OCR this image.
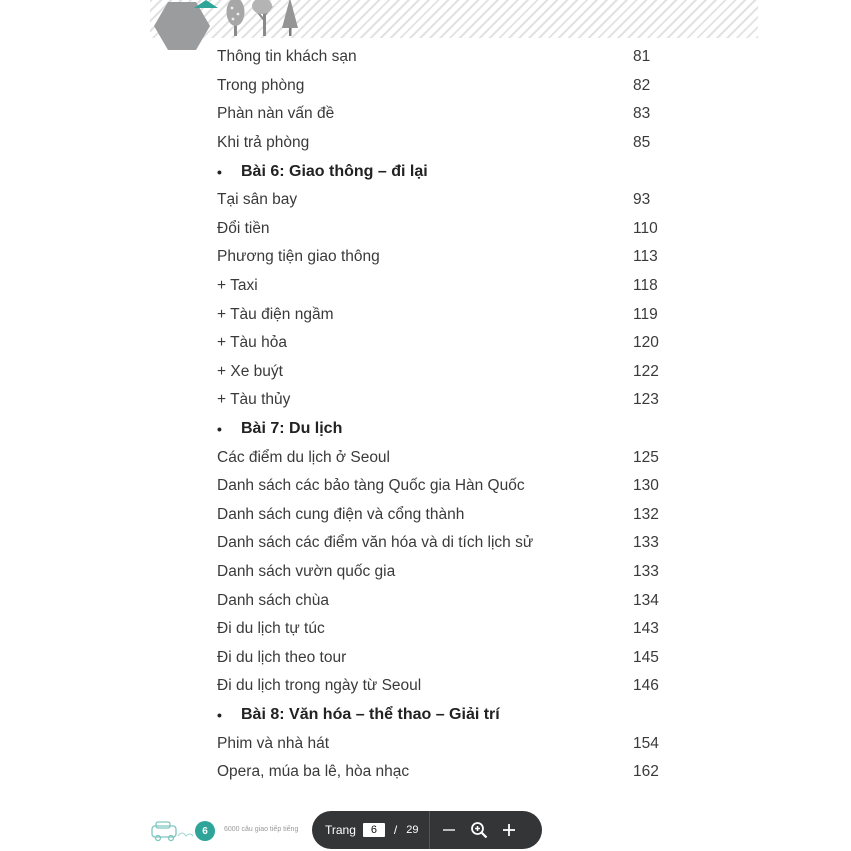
Thông tin khách sạn	81
Trong phòng	82
Phàn nàn vấn đề	83
Khi trả phòng	85
•	Bài 6: Giao thông – đi lại
Tại sân bay	93
Đổi tiền	110
Phương tiện giao thông	113
+ Taxi	118
+ Tàu điện ngầm	119
+ Tàu hỏa	120
+ Xe buýt	122
+ Tàu thủy	123
•	Bài 7: Du lịch
Các điểm du lịch ở Seoul	125
Danh sách các bảo tàng Quốc gia Hàn Quốc	130
Danh sách cung điện và cổng thành	132
Danh sách các điểm văn hóa và di tích lịch sử	133
Danh sách vườn quốc gia	133
Danh sách chùa	134
Đi du lịch tự túc	143
Đi du lịch theo tour	145
Đi du lịch trong ngày từ Seoul	146
•	Bài 8: Văn hóa – thể thao – Giải trí
Phim và nhà hát	154
Opera, múa ba lê, hòa nhạc	162
6	6000 câu giao tiếp tiếng Trang	6	/ 29
